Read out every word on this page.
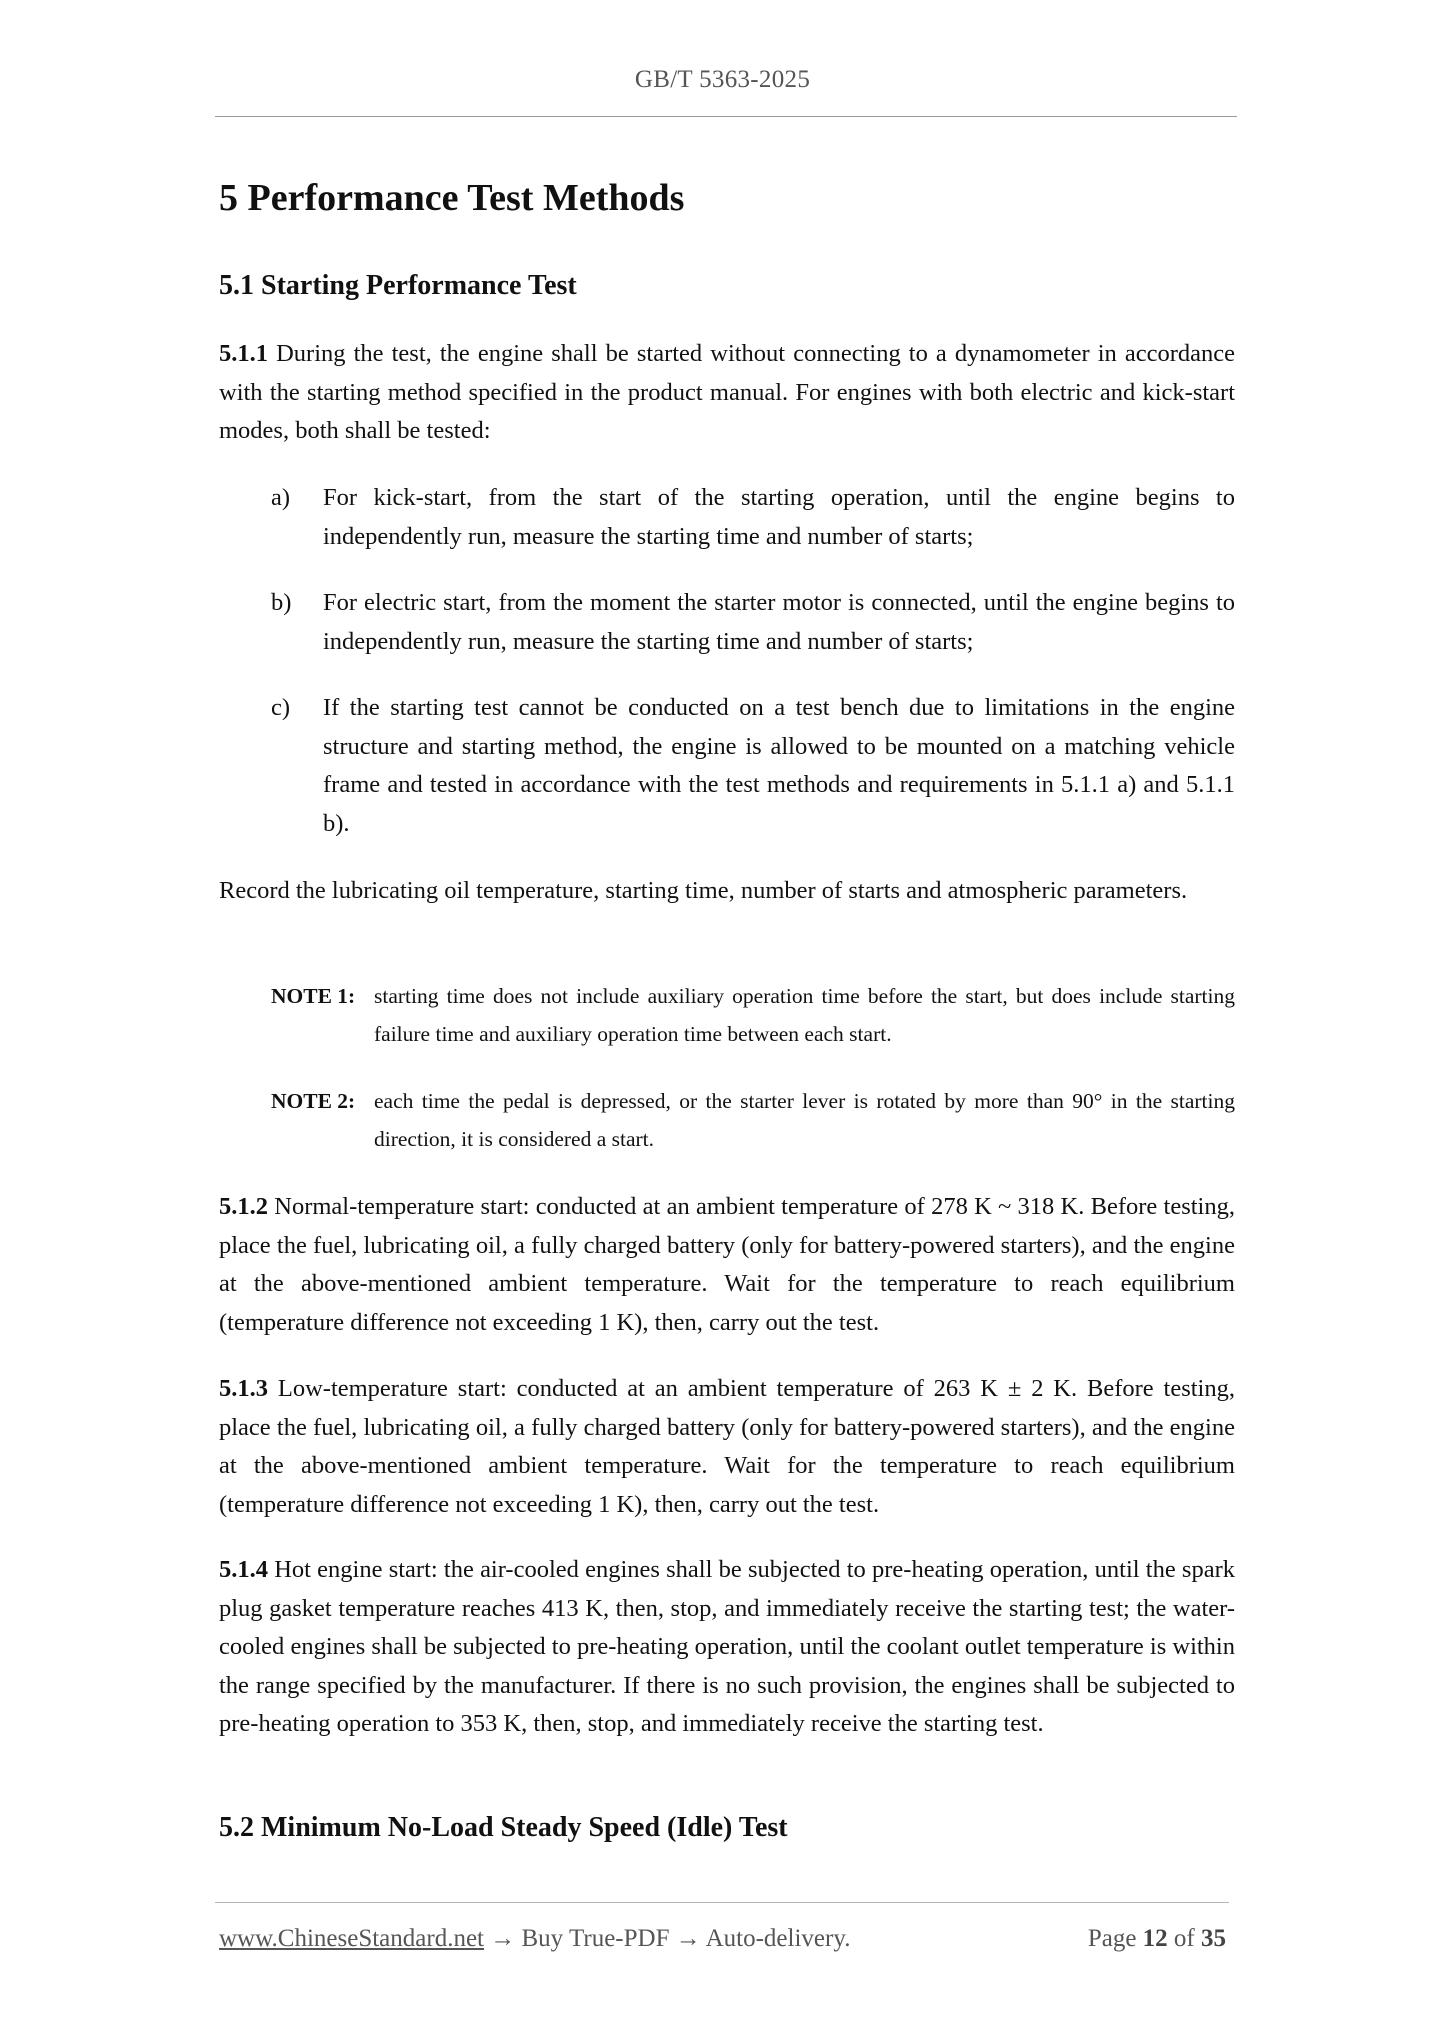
GB/T 5363-2025
5 Performance Test Methods
5.1 Starting Performance Test

5.1.1 During the test, the engine shall be started without connecting to a dynamometer in accordance with the starting method specified in the product manual. For engines with both electric and kick-start modes, both shall be tested:

a)	For kick-start, from the start of the starting operation, until the engine begins to independently run, measure the starting time and number of starts;
b)	For electric start, from the moment the starter motor is connected, until the engine begins to independently run, measure the starting time and number of starts;
c)	If the starting test cannot be conducted on a test bench due to limitations in the engine structure and starting method, the engine is allowed to be mounted on a matching vehicle frame and tested in accordance with the test methods and requirements in 5.1.1 a) and 5.1.1 b).

Record the lubricating oil temperature, starting time, number of starts and atmospheric parameters.

NOTE 1: starting time does not include auxiliary operation time before the start, but does include starting failure time and auxiliary operation time between each start.
NOTE 2: each time the pedal is depressed, or the starter lever is rotated by more than 90° in the starting direction, it is considered a start.

5.1.2 Normal-temperature start: conducted at an ambient temperature of 278 K ~ 318 K. Before testing, place the fuel, lubricating oil, a fully charged battery (only for battery-powered starters), and the engine at the above-mentioned ambient temperature. Wait for the temperature to reach equilibrium (temperature difference not exceeding 1 K), then, carry out the test.

5.1.3 Low-temperature start: conducted at an ambient temperature of 263 K ± 2 K. Before testing, place the fuel, lubricating oil, a fully charged battery (only for battery-powered starters), and the engine at the above-mentioned ambient temperature. Wait for the temperature to reach equilibrium (temperature difference not exceeding 1 K), then, carry out the test.

5.1.4 Hot engine start: the air-cooled engines shall be subjected to pre-heating operation, until the spark plug gasket temperature reaches 413 K, then, stop, and immediately receive the starting test; the water-cooled engines shall be subjected to pre-heating operation, until the coolant outlet temperature is within the range specified by the manufacturer. If there is no such provision, the engines shall be subjected to pre-heating operation to 353 K, then, stop, and immediately receive the starting test.

5.2 Minimum No-Load Steady Speed (Idle) Test
www.ChineseStandard.net → Buy True-PDF → Auto-delivery.	Page 12 of 35
